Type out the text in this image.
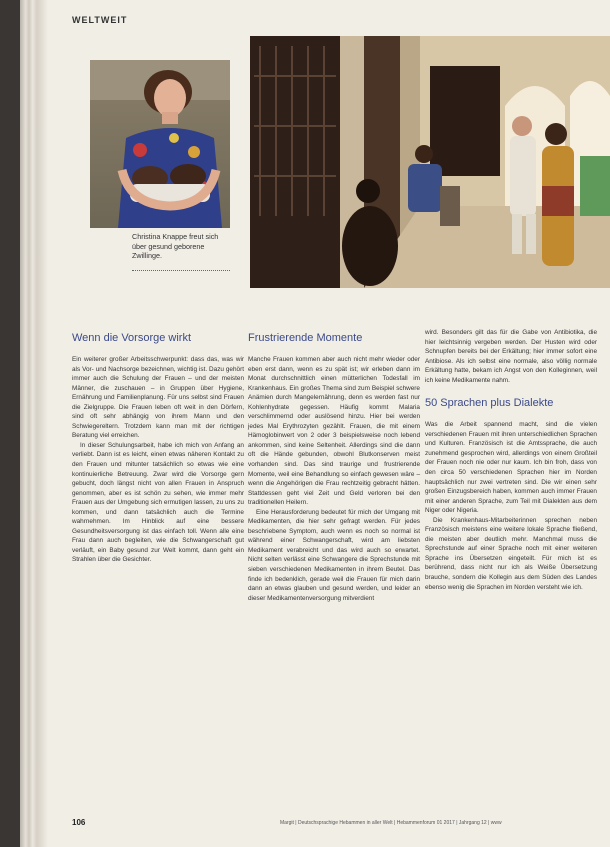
WELTWEIT
Christina Knappe freut sich über gesund geborene Zwillinge.
Wenn die Vorsorge wirkt

Ein weiterer großer Arbeitsschwerpunkt: dass das, was wir als Vor- und Nachsorge bezeichnen, wichtig ist. Dazu gehört immer auch die Schulung der Frauen – und der meisten Männer, die zuschauen – in Gruppen über Hygiene, Ernährung und Familienplanung. Für uns selbst sind Frauen die Zielgruppe. Die Frauen leben oft weit in den Dörfern, sind oft sehr abhängig von ihrem Mann und den Schwiegereltern. Trotzdem kann man mit der richtigen Beratung viel erreichen.

In dieser Schulungsarbeit, habe ich mich von Anfang an verliebt. Dann ist es leicht, einen etwas näheren Kontakt zu den Frauen und mitunter tatsächlich so etwas wie eine kontinuierliche Betreuung. Zwar wird die Vorsorge gern gebucht, doch längst nicht von allen Frauen in Anspruch genommen, aber es ist schön zu sehen, wie immer mehr Frauen aus der Umgebung sich ermutigen lassen, zu uns zu kommen, und dann tatsächlich auch die Termine wahrnehmen. Im Hinblick auf eine bessere Gesundheitsversorgung ist das einfach toll. Wenn alle eine Frau dann auch begleiten, wie die Schwangerschaft gut verläuft, ein Baby gesund zur Welt kommt, dann geht ein Strahlen über die Gesichter.

Frustrierende Momente

Manche Frauen kommen aber auch nicht mehr wieder oder eben erst dann, wenn es zu spät ist; wir erleben dann im Monat durchschnittlich einen mütterlichen Todesfall im Krankenhaus. Ein großes Thema sind zum Beispiel schwere Anämien durch Mangelernährung, denn es werden fast nur Kohlenhydrate gegessen. Häufig kommt Malaria verschlimmernd oder auslösend hinzu. Hier bei werden jedes Mal Erythrozyten gezählt. Frauen, die mit einem Hämoglobinwert von 2 oder 3 beispielsweise noch lebend ankommen, sind keine Seltenheit. Allerdings sind die dann oft die Hände gebunden, obwohl Blutkonserven meist vorhanden sind. Das sind traurige und frustrierende Momente, weil eine Behandlung so einfach gewesen wäre – wenn die Angehörigen die Frau rechtzeitig gebracht hätten. Stattdessen geht viel Zeit und Geld verloren bei den traditionellen Heilern.

Eine Herausforderung bedeutet für mich der Umgang mit Medikamenten, die hier sehr gefragt werden. Für jedes beschriebene Symptom, auch wenn es noch so normal ist während einer Schwangerschaft, wird am liebsten Medikament verabreicht und das wird auch so erwartet. Nicht selten verlässt eine Schwangere die Sprechstunde mit sieben verschiedenen Medikamenten in ihrem Beutel. Das finde ich bedenklich, gerade weil die Frauen für mich darin dann an etwas glauben und gesund werden, und leider an dieser Medikamentenversorgung mitverdient

wird. Besonders gilt das für die Gabe von Antibiotika, die hier leichtsinnig vergeben werden. Der Husten wird oder Schnupfen bereits bei der Erkältung; hier immer sofort eine Antibiose. Als ich selbst eine normale, also völlig normale Erkältung hatte, bekam ich Angst von den Kolleginnen, weil ich keine Medikamente nahm.

50 Sprachen plus Dialekte

Was die Arbeit spannend macht, sind die vielen verschiedenen Frauen mit ihren unterschiedlichen Sprachen und Kulturen. Französisch ist die Amtssprache, die auch zunehmend gesprochen wird, allerdings von einem Großteil der Frauen noch nie oder nur kaum. Ich bin froh, dass von den circa 50 verschiedenen Sprachen hier im Norden hauptsächlich nur zwei vertreten sind. Die wir einen sehr großen Einzugsbereich haben, kommen auch immer Frauen mit einer anderen Sprache, zum Teil mit Dialekten aus dem Niger oder Nigeria.

Die Krankenhaus-Mitarbeiterinnen sprechen neben Französisch meistens eine weitere lokale Sprache fließend, die meisten aber deutlich mehr. Manchmal muss die Sprechstunde auf einer Sprache noch mit einer weiteren Sprache ins Übersetzen eingeteilt. Für mich ist es berührend, dass nicht nur ich als Weiße Übersetzung brauche, sondern die Kollegin aus dem Süden des Landes ebenso wenig die Sprachen im Norden versteht wie ich.

106	Margit | Deutschsprachige Hebammen in aller Welt | Hebammenforum 01 2017 | Jahrgang 12 | www
